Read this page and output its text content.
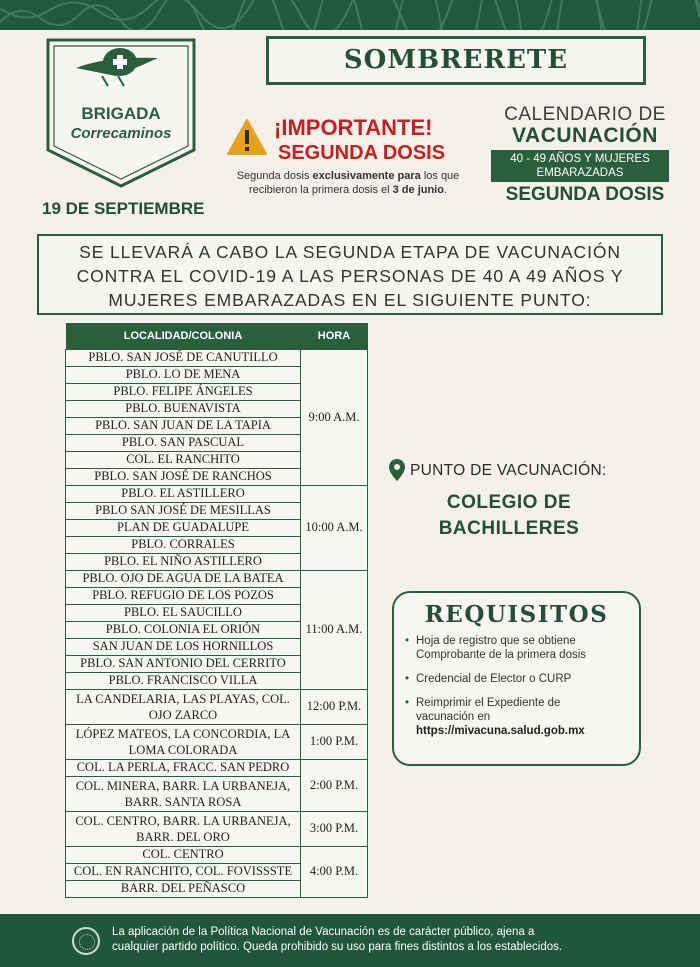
BRIGADA
Correcaminos
19 DE SEPTIEMBRE
SOMBRERETE
¡IMPORTANTE!
SEGUNDA DOSIS
Segunda dosis exclusivamente para los que recibieron la primera dosis el 3 de junio.
CALENDARIO DE
VACUNACIÓN
40 - 49 AÑOS Y MUJERES EMBARAZADAS
SEGUNDA DOSIS
SE LLEVARÁ A CABO LA SEGUNDA ETAPA DE VACUNACIÓN
CONTRA EL COVID-19 A LAS PERSONAS DE 40 A 49 AÑOS Y
MUJERES EMBARAZADAS EN EL SIGUIENTE PUNTO:
LOCALIDAD/COLONIA	HORA
PBLO. SAN JOSÉ DE CANUTILLO	9:00 A.M.
PBLO. LO DE MENA	
PBLO. FELIPE ÁNGELES	
PBLO. BUENAVISTA	
PBLO. SAN JUAN DE LA TAPIA	
PBLO. SAN PASCUAL	
COL. EL RANCHITO	
PBLO. SAN JOSÉ DE RANCHOS	
PBLO. EL ASTILLERO	10:00 A.M.
PBLO SAN JOSÉ DE MESILLAS	
PLAN DE GUADALUPE	
PBLO. CORRALES	
PBLO. EL NIÑO ASTILLERO	
PBLO. OJO DE AGUA DE LA BATEA	11:00 A.M.
PBLO. REFUGIO DE LOS POZOS	
PBLO. EL SAUCILLO	
PBLO. COLONIA EL ORIÓN	
SAN JUAN DE LOS HORNILLOS	
PBLO. SAN ANTONIO DEL CERRITO	
PBLO. FRANCISCO VILLA	
LA CANDELARIA, LAS PLAYAS, COL. OJO ZARCO	12:00 P.M.
LÓPEZ MATEOS, LA CONCORDIA, LA LOMA COLORADA	1:00 P.M.
COL. LA PERLA, FRACC. SAN PEDRO	2:00 P.M.
COL. MINERA, BARR. LA URBANEJA, BARR. SANTA ROSA	
COL. CENTRO, BARR. LA URBANEJA, BARR. DEL ORO	3:00 P.M.
COL. CENTRO	4:00 P.M.
COL. EN RANCHITO, COL. FOVISSSTE	
BARR. DEL PEÑASCO	
PUNTO DE VACUNACIÓN:
COLEGIO DE
BACHILLERES
REQUISITOS
• Hoja de registro que se obtiene
Comprobante de la primera dosis
• Credencial de Elector o CURP
• Reimprimir el Expediente de
vacunación en
https://mivacuna.salud.gob.mx
La aplicación de la Política Nacional de Vacunación es de carácter público, ajena a
cualquier partido político. Queda prohibido su uso para fines distintos a los establecidos.
